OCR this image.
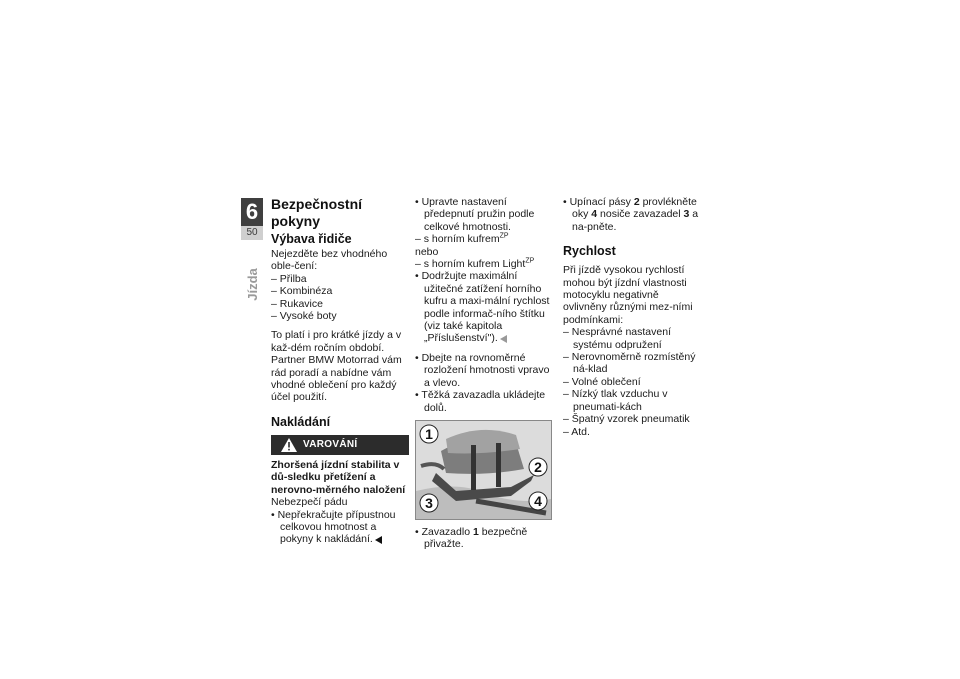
6
50
Jízda

Bezpečnostní pokyny

Výbava řidiče

Nejezděte bez vhodného oble-čení:

– Přilba

– Kombinéza

– Rukavice

– Vysoké boty

To platí i pro krátké jízdy a v kaž-dém ročním období. Partner BMW Motorrad vám rád poradí a nabídne vám vhodné oblečení pro každý účel použití.

Nakládání

VAROVÁNÍ

Zhoršená jízdní stabilita v dů-sledku přetížení a nerovno-měrného naložení

Nebezpečí pádu

• Nepřekračujte přípustnou celkovou hmotnost a pokyny k nakládání.

• Upravte nastavení předepnutí pružin podle celkové hmotnosti.

– s horním kufrem$^{ZP}$

nebo

– s horním kufrem Light$^{ZP}$

• Dodržujte maximální užitečné zatížení horního kufru a maxi-mální rychlost podle informač-ního štítku (viz také kapitola „Příslušenství").

• Dbejte na rovnoměrné rozložení hmotnosti vpravo a vlevo.

• Těžká zavazadla ukládejte dolů.

1
2
3	4

• Zavazadlo 1 bezpečně přivažte.

• Upínací pásy 2 provlékněte oky 4 nosiče zavazadel 3 a na-pněte.

Rychlost

Při jízdě vysokou rychlostí mohou být jízdní vlastnosti motocyklu negativně ovlivněny různými mez-ními podmínkami:

– Nesprávné nastavení systému odpružení

– Nerovnoměrně rozmístěný ná-klad

– Volné oblečení

– Nízký tlak vzduchu v pneumati-kách

– Špatný vzorek pneumatik

– Atd.
